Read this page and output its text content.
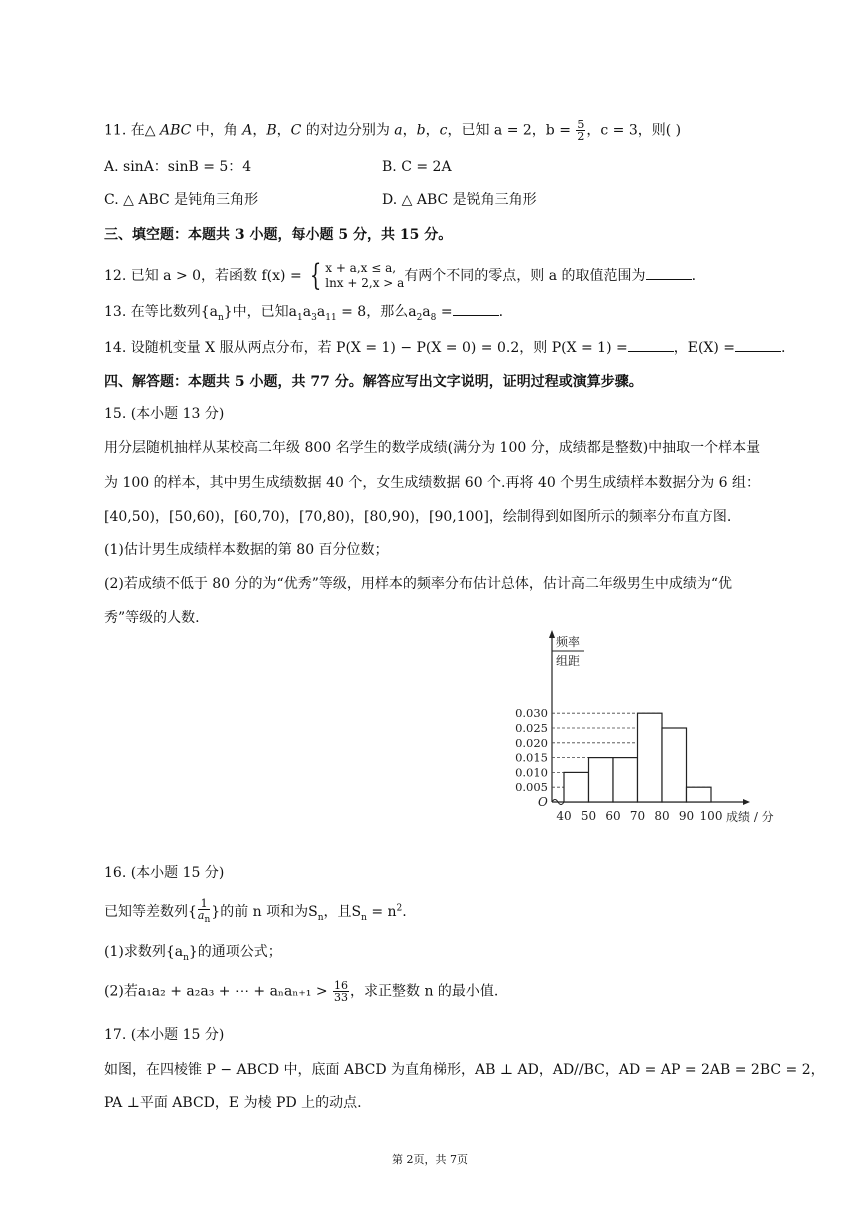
11. 在△ ABC 中，角 A，B，C 的对边分别为 a，b，c，已知 a = 2，$b = \frac{5}{2}$ ，c = 3，则( )
A. sinA：sinB = 5：4	B. C = 2A
C. △ ABC 是钝角三角形	D. △ ABC 是锐角三角形
三、填空题：本题共 3 小题，每小题 5 分，共 15 分。
12. 已知 a > 0，若函数 f(x) = { x + a,x ≤ a,
lnx + 2,x > a 有两个不同的零点，则 a 的取值范围为	.
13. 在等比数列$\{a_n\}$中，已知$a_1a_3a_{11} = 8$，那么$a_2a_8$ =	.
14. 设随机变量 X 服从两点分布，若 P(X = 1) − P(X = 0) = 0.2，则 P(X = 1) =	，E(X) =	.
四、解答题：本题共 5 小题，共 77 分。解答应写出文字说明，证明过程或演算步骤。
15. (本小题 13 分)
用分层随机抽样从某校高二年级 800 名学生的数学成绩(满分为 100 分，成绩都是整数)中抽取一个样本量
为 100 的样本，其中男生成绩数据 40 个，女生成绩数据 60 个.再将 40 个男生成绩样本数据分为 6 组：
[40,50)，[50,60)，[60,70)，[70,80)，[80,90)，[90,100]，绘制得到如图所示的频率分布直方图.
(1)估计男生成绩样本数据的第 80 百分位数；
(2)若成绩不低于 80 分的为“优秀”等级，用样本的频率分布估计总体，估计高二年级男生中成绩为“优
秀”等级的人数.
频率
组距
O
0.005
0.010
0.015
0.020
0.025
0.030
40 50 60 70 80 90 100 成绩 / 分
16. (本小题 15 分)
已知等差数列{ $\frac{1}{a_n}$ }的前 n 项和为$S_n$，且$S_n = n^2$.
(1)求数列$\{a_n\}$的通项公式；
(2)若a₁a₂ + a₂a₃ + ⋯ + $a_na_{n+1} > \frac{16}{33}$ ，求正整数 n 的最小值.
17. (本小题 15 分)
如图，在四棱锥 P − ABCD 中，底面 ABCD 为直角梯形，AB ⊥ AD，AD//BC，AD = AP = 2AB = 2BC = 2，
PA ⊥平面 ABCD，E 为棱 PD 上的动点.
第 2页，共 7页
